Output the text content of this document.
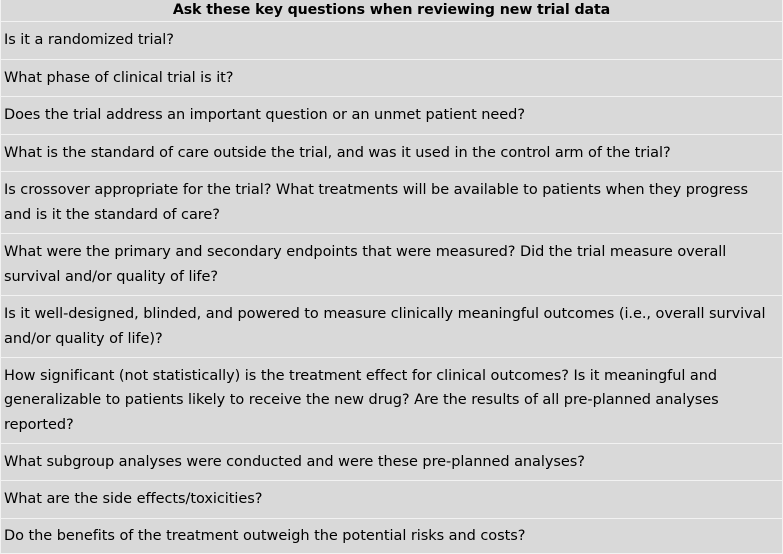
Ask these key questions when reviewing new trial data
Is it a randomized trial?
What phase of clinical trial is it?
Does the trial address an important question or an unmet patient need?
What is the standard of care outside the trial, and was it used in the control arm of the trial?
Is crossover appropriate for the trial? What treatments will be available to patients when they progress and is it the standard of care?
What were the primary and secondary endpoints that were measured? Did the trial measure overall survival and/or quality of life?
Is it well-designed, blinded, and powered to measure clinically meaningful outcomes (i.e., overall survival and/or quality of life)?
How significant (not statistically) is the treatment effect for clinical outcomes? Is it meaningful and generalizable to patients likely to receive the new drug? Are the results of all pre-planned analyses reported?
What subgroup analyses were conducted and were these pre-planned analyses?
What are the side effects/toxicities?
Do the benefits of the treatment outweigh the potential risks and costs?
